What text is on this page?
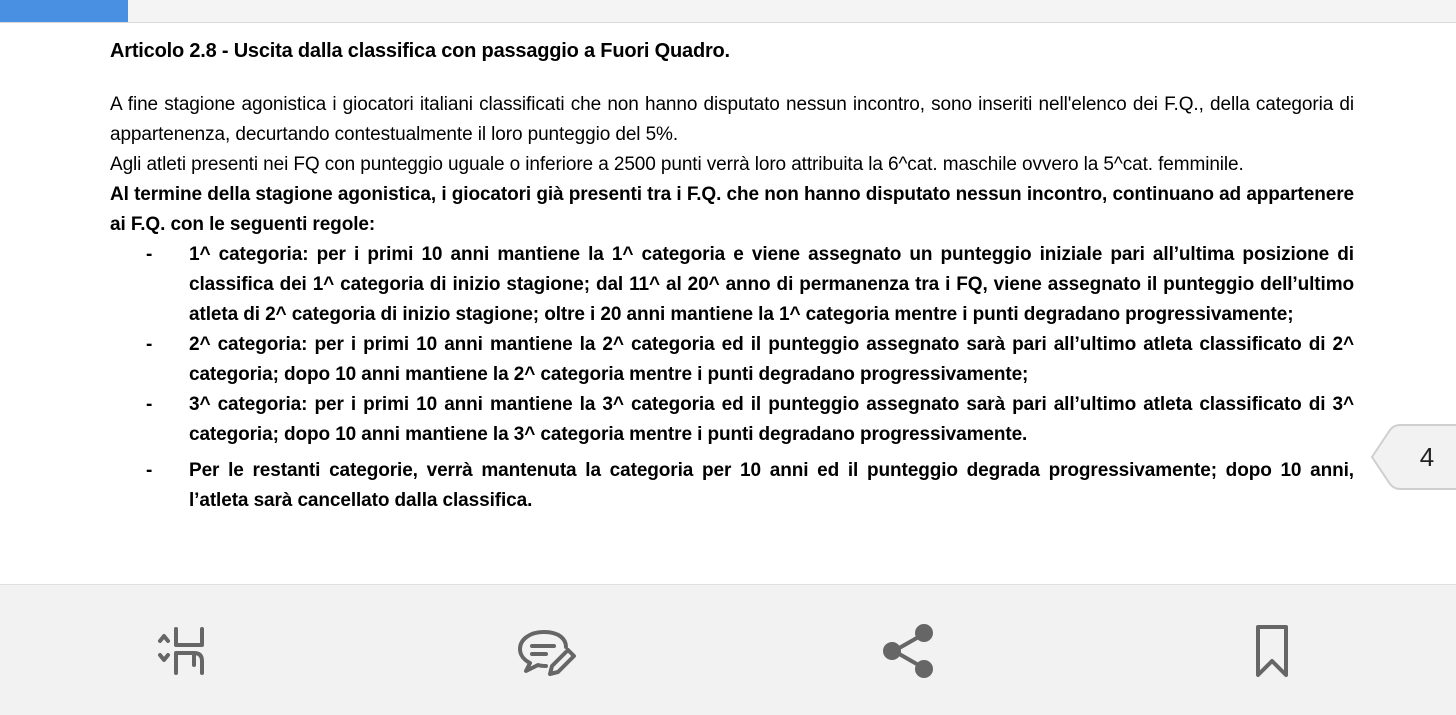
Articolo 2.8 - Uscita dalla classifica con passaggio a Fuori Quadro.

A fine stagione agonistica i giocatori italiani classificati che non hanno disputato nessun incontro, sono inseriti nell'elenco dei F.Q., della categoria di appartenenza, decurtando contestualmente il loro punteggio del 5%.

Agli atleti presenti nei FQ con punteggio uguale o inferiore a 2500 punti verrà loro attribuita la 6^cat. maschile ovvero la 5^cat. femminile.

Al termine della stagione agonistica, i giocatori già presenti tra i F.Q. che non hanno disputato nessun incontro, continuano ad appartenere ai F.Q. con le seguenti regole:

- 1^ categoria: per i primi 10 anni mantiene la 1^ categoria e viene assegnato un punteggio iniziale pari all’ultima posizione di classifica dei 1^ categoria di inizio stagione; dal 11^ al 20^ anno di permanenza tra i FQ, viene assegnato il punteggio dell’ultimo atleta di 2^ categoria di inizio stagione; oltre i 20 anni mantiene la 1^ categoria mentre i punti degradano progressivamente;
- 2^ categoria: per i primi 10 anni mantiene la 2^ categoria ed il punteggio assegnato sarà pari all’ultimo atleta classificato di 2^ categoria; dopo 10 anni mantiene la 2^ categoria mentre i punti degradano progressivamente;
- 3^ categoria: per i primi 10 anni mantiene la 3^ categoria ed il punteggio assegnato sarà pari all’ultimo atleta classificato di 3^ categoria; dopo 10 anni mantiene la 3^ categoria mentre i punti degradano progressivamente.
- Per le restanti categorie, verrà mantenuta la categoria per 10 anni ed il punteggio degrada progressivamente; dopo 10 anni, l’atleta sarà cancellato dalla classifica.
4
